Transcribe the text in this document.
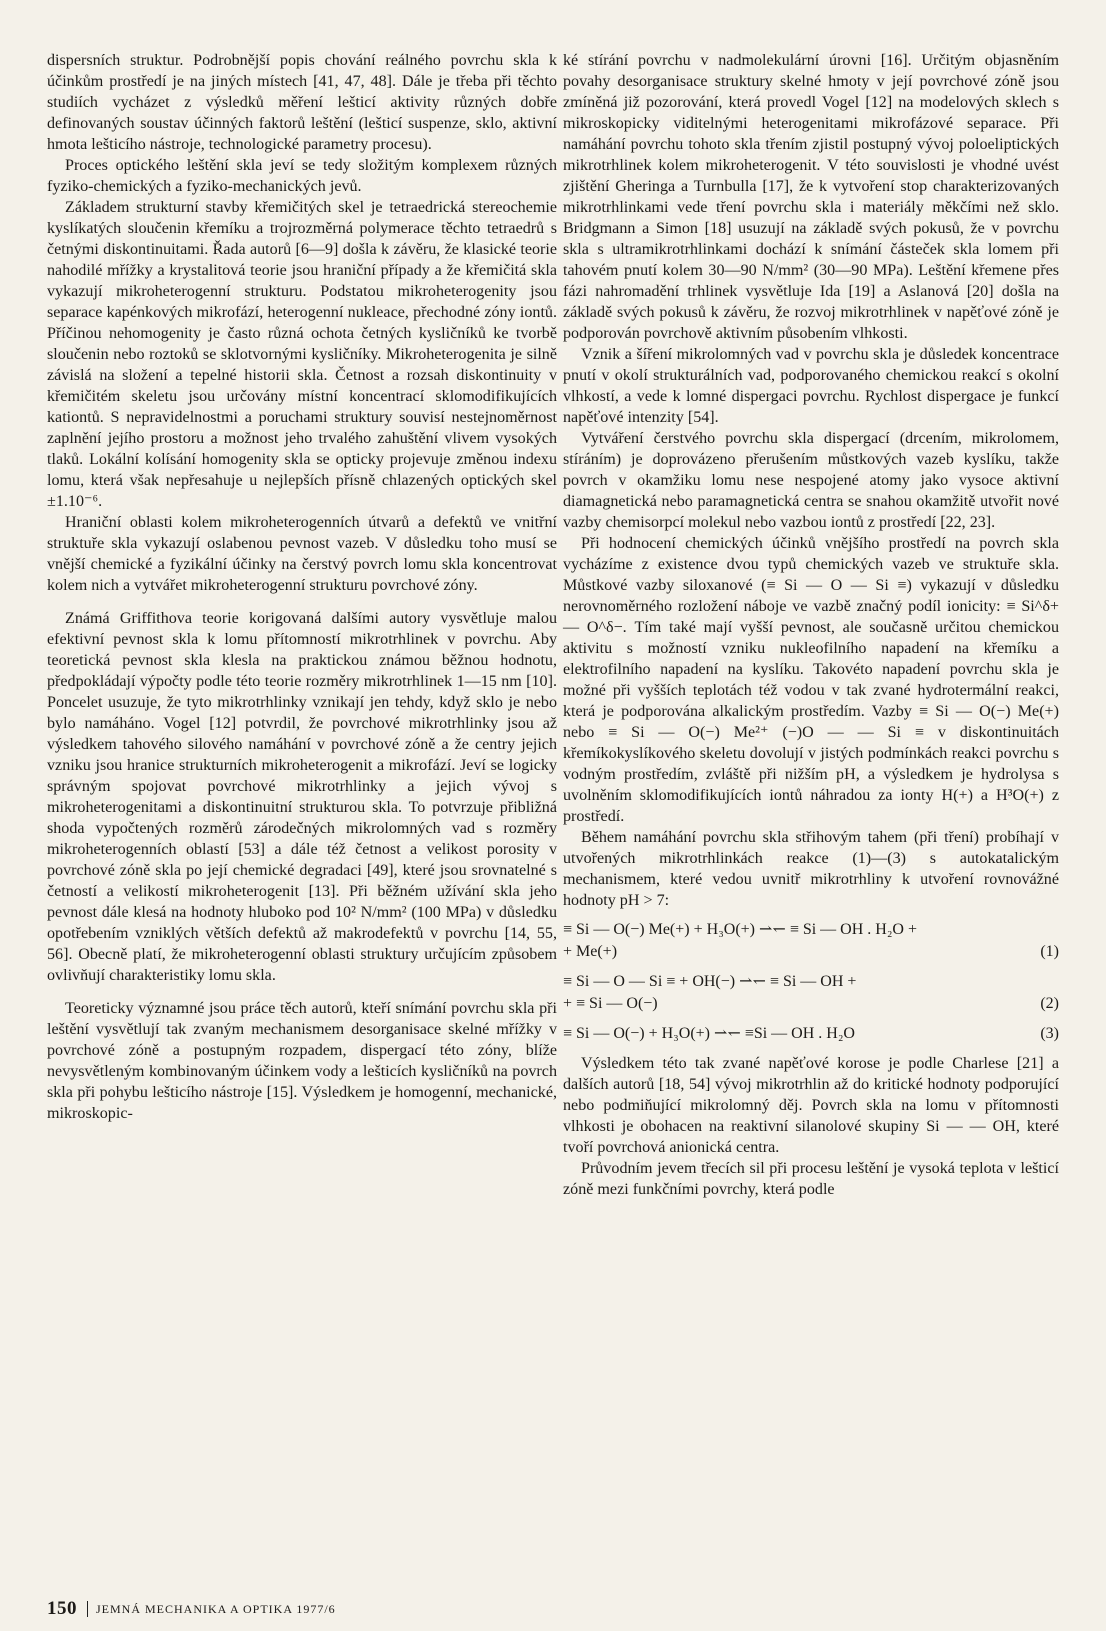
dispersních struktur. Podrobnější popis chování reálného povrchu skla k účinkům prostředí je na jiných místech [41, 47, 48]. Dále je třeba při těchto studiích vycházet z výsledků měření lešticí aktivity různých dobře definovaných soustav účinných faktorů leštění (lešticí suspenze, sklo, aktivní hmota lešticího nástroje, technologické parametry procesu).

Proces optického leštění skla jeví se tedy složitým komplexem různých fyziko-chemických a fyziko-mechanických jevů.

Základem strukturní stavby křemičitých skel je tetraedrická stereochemie kyslíkatých sloučenin křemíku a trojrozměrná polymerace těchto tetraedrů s četnými diskontinuitami. Řada autorů [6—9] došla k závěru, že klasické teorie nahodilé mřížky a krystalitová teorie jsou hraniční případy a že křemičitá skla vykazují mikroheterogenní strukturu. Podstatou mikroheterogenity jsou separace kapénkových mikrofází, heterogenní nukleace, přechodné zóny iontů. Příčinou nehomogenity je často různá ochota četných kysličníků ke tvorbě sloučenin nebo roztoků se sklotvornými kysličníky. Mikroheterogenita je silně závislá na složení a tepelné historii skla. Četnost a rozsah diskontinuity v křemičitém skeletu jsou určovány místní koncentrací sklomodifikujících kationtů. S nepravidelnostmi a poruchami struktury souvisí nestejnoměrnost zaplnění jejího prostoru a možnost jeho trvalého zahuštění vlivem vysokých tlaků. Lokální kolísání homogenity skla se opticky projevuje změnou indexu lomu, která však nepřesahuje u nejlepších přísně chlazených optických skel ±1.10⁻⁶.

Hraniční oblasti kolem mikroheterogenních útvarů a defektů ve vnitřní struktuře skla vykazují oslabenou pevnost vazeb. V důsledku toho musí se vnější chemické a fyzikální účinky na čerstvý povrch lomu skla koncentrovat kolem nich a vytvářet mikroheterogenní strukturu povrchové zóny.

Známá Griffithova teorie korigovaná dalšími autory vysvětluje malou efektivní pevnost skla k lomu přítomností mikrotrhlinek v povrchu. Aby teoretická pevnost skla klesla na praktickou známou běžnou hodnotu, předpokládají výpočty podle této teorie rozměry mikrotrhlinek 1—15 nm [10]. Poncelet usuzuje, že tyto mikrotrhlinky vznikají jen tehdy, když sklo je nebo bylo namáháno. Vogel [12] potvrdil, že povrchové mikrotrhlinky jsou až výsledkem tahového silového namáhání v povrchové zóně a že centry jejich vzniku jsou hranice strukturních mikroheterogenit a mikrofází. Jeví se logicky správným spojovat povrchové mikrotrhlinky a jejich vývoj s mikroheterogenitami a diskontinuitní strukturou skla. To potvrzuje přibližná shoda vypočtených rozměrů zárodečných mikrolomných vad s rozměry mikroheterogenních oblastí [53] a dále též četnost a velikost porosity v povrchové zóně skla po její chemické degradaci [49], které jsou srovnatelné s četností a velikostí mikroheterogenit [13]. Při běžném užívání skla jeho pevnost dále klesá na hodnoty hluboko pod 10² N/mm² (100 MPa) v důsledku opotřebením vzniklých větších defektů až makrodefektů v povrchu [14, 55, 56]. Obecně platí, že mikroheterogenní oblasti struktury určujícím způsobem ovlivňují charakteristiky lomu skla.

Teoreticky významné jsou práce těch autorů, kteří snímání povrchu skla při leštění vysvětlují tak zvaným mechanismem desorganisace skelné mřížky v povrchové zóně a postupným rozpadem, dispergací této zóny, blíže nevysvětleným kombinovaným účinkem vody a lešticích kysličníků na povrch skla při pohybu lešticího nástroje [15]. Výsledkem je homogenní, mechanické, mikroskopic-

ké stírání povrchu v nadmolekulární úrovni [16]. Určitým objasněním povahy desorganisace struktury skelné hmoty v její povrchové zóně jsou zmíněná již pozorování, která provedl Vogel [12] na modelových sklech s mikroskopicky viditelnými heterogenitami mikrofázové separace. Při namáhání povrchu tohoto skla třením zjistil postupný vývoj poloeliptických mikrotrhlinek kolem mikroheterogenit. V této souvislosti je vhodné uvést zjištění Gheringa a Turnbulla [17], že k vytvoření stop charakterizovaných mikrotrhlinkami vede tření povrchu skla i materiály měkčími než sklo. Bridgmann a Simon [18] usuzují na základě svých pokusů, že v povrchu skla s ultramikrotrhlinkami dochází k snímání částeček skla lomem při tahovém pnutí kolem 30—90 N/mm² (30—90 MPa). Leštění křemene přes fázi nahromadění trhlinek vysvětluje Ida [19] a Aslanová [20] došla na základě svých pokusů k závěru, že rozvoj mikrotrhlinek v napěťové zóně je podporován povrchově aktivním působením vlhkosti.

Vznik a šíření mikrolomných vad v povrchu skla je důsledek koncentrace pnutí v okolí strukturálních vad, podporovaného chemickou reakcí s okolní vlhkostí, a vede k lomné dispergaci povrchu. Rychlost dispergace je funkcí napěťové intenzity [54].

Vytváření čerstvého povrchu skla dispergací (drcením, mikrolomem, stíráním) je doprovázeno přerušením můstkových vazeb kyslíku, takže povrch v okamžiku lomu nese nespojené atomy jako vysoce aktivní diamagnetická nebo paramagnetická centra se snahou okamžitě utvořit nové vazby chemisorpcí molekul nebo vazbou iontů z prostředí [22, 23].

Při hodnocení chemických účinků vnějšího prostředí na povrch skla vycházíme z existence dvou typů chemických vazeb ve struktuře skla. Můstkové vazby siloxanové (≡ Si — O — Si ≡) vykazují v důsledku nerovnoměrného rozložení náboje ve vazbě značný podíl ionicity: ≡ Si^δ+ — O^δ−. Tím také mají vyšší pevnost, ale současně určitou chemickou aktivitu s možností vzniku nukleofilního napadení na křemíku a elektrofilního napadení na kyslíku. Takovéto napadení povrchu skla je možné při vyšších teplotách též vodou v tak zvané hydrotermální reakci, která je podporována alkalickým prostředím. Vazby ≡ Si — O(−) Me(+) nebo ≡ Si — O(−) Me²⁺ (−)O — — Si ≡ v diskontinuitách křemíkokyslíkového skeletu dovolují v jistých podmínkách reakci povrchu s vodným prostředím, zvláště při nižším pH, a výsledkem je hydrolysa s uvolněním sklomodifikujících iontů náhradou za ionty H(+) a H³O(+) z prostředí.

Během namáhání povrchu skla střihovým tahem (při tření) probíhají v utvořených mikrotrhlinkách reakce (1)—(3) s autokatalickým mechanismem, které vedou uvnitř mikrotrhliny k utvoření rovnovážné hodnoty pH > 7:

≡ Si — O(−) Me(+) + H₃O(+) ⇀↽ ≡ Si — OH . H₂O +
+ Me(+)	(1)
≡ Si — O — Si ≡ + OH(−) ⇀↽ ≡ Si — OH +
+ ≡ Si — O(−)	(2)
≡ Si — O(−) + H₃O(+) ⇀↽ ≡Si — OH . H₂O	(3)

Výsledkem této tak zvané napěťové korose je podle Charlese [21] a dalších autorů [18, 54] vývoj mikrotrhlin až do kritické hodnoty podporující nebo podmiňující mikrolomný děj. Povrch skla na lomu v přítomnosti vlhkosti je obohacen na reaktivní silanolové skupiny Si — — OH, které tvoří povrchová anionická centra.

Průvodním jevem třecích sil při procesu leštění je vysoká teplota v lešticí zóně mezi funkčními povrchy, která podle

150 JEMNÁ MECHANIKA A OPTIKA 1977/6
